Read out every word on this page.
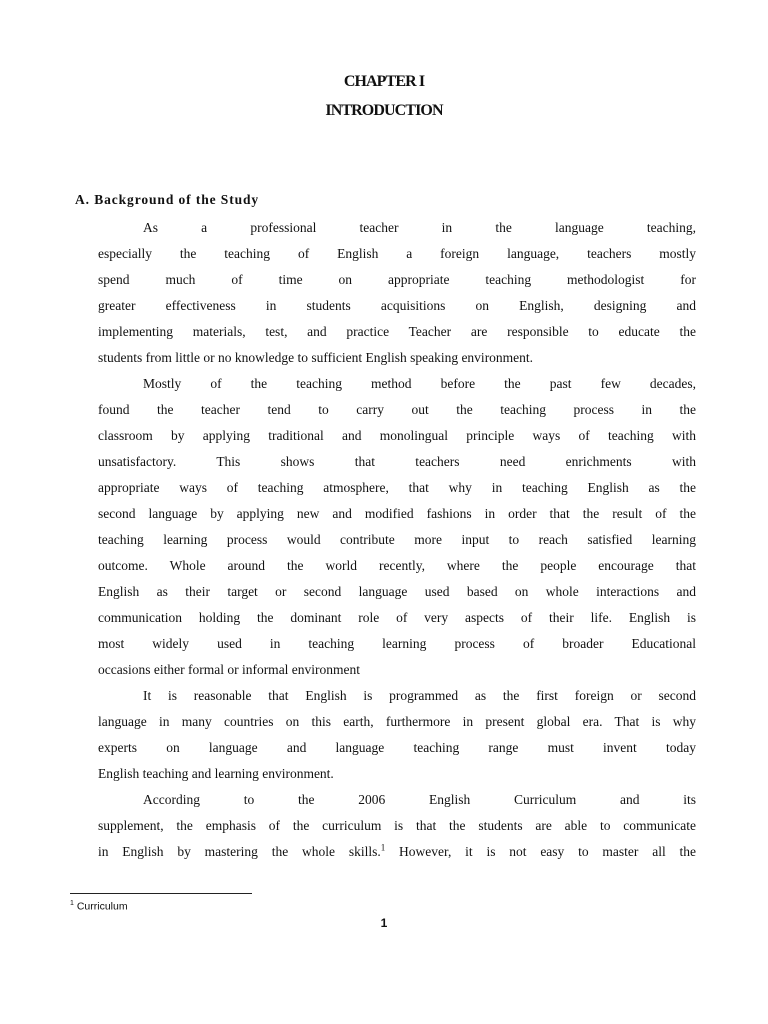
CHAPTER I
INTRODUCTION
A. Background of the Study
As a professional teacher in the language teaching,
especially the teaching of English a foreign language, teachers mostly
spend much of time on appropriate teaching methodologist for
greater effectiveness in students acquisitions on English, designing and
implementing materials, test, and practice Teacher are responsible to educate the
students from little or no knowledge to sufficient English speaking environment.
Mostly of the teaching method before the past few decades,
found the teacher tend to carry out the teaching process in the
classroom by applying traditional and monolingual principle ways of teaching with
unsatisfactory. This shows that teachers need enrichments with
appropriate ways of teaching atmosphere, that why in teaching English as the
second language by applying new and modified fashions in order that the result of the
teaching learning process would contribute more input to reach satisfied learning
outcome. Whole around the world recently, where the people encourage that
English as their target or second language used based on whole interactions and
communication holding the dominant role of very aspects of their life. English is
most widely used in teaching learning process of broader Educational
occasions either formal or informal environment
It is reasonable that English is programmed as the first foreign or second
language in many countries on this earth, furthermore in present global era. That is why
experts on language and language teaching range must invent today
English teaching and learning environment.
According to the 2006 English Curriculum and its
supplement, the emphasis of the curriculum is that the students are able to communicate
in English by mastering the whole skills.$^1$ However, it is not easy to master all the
$^1$ Curriculum
1
